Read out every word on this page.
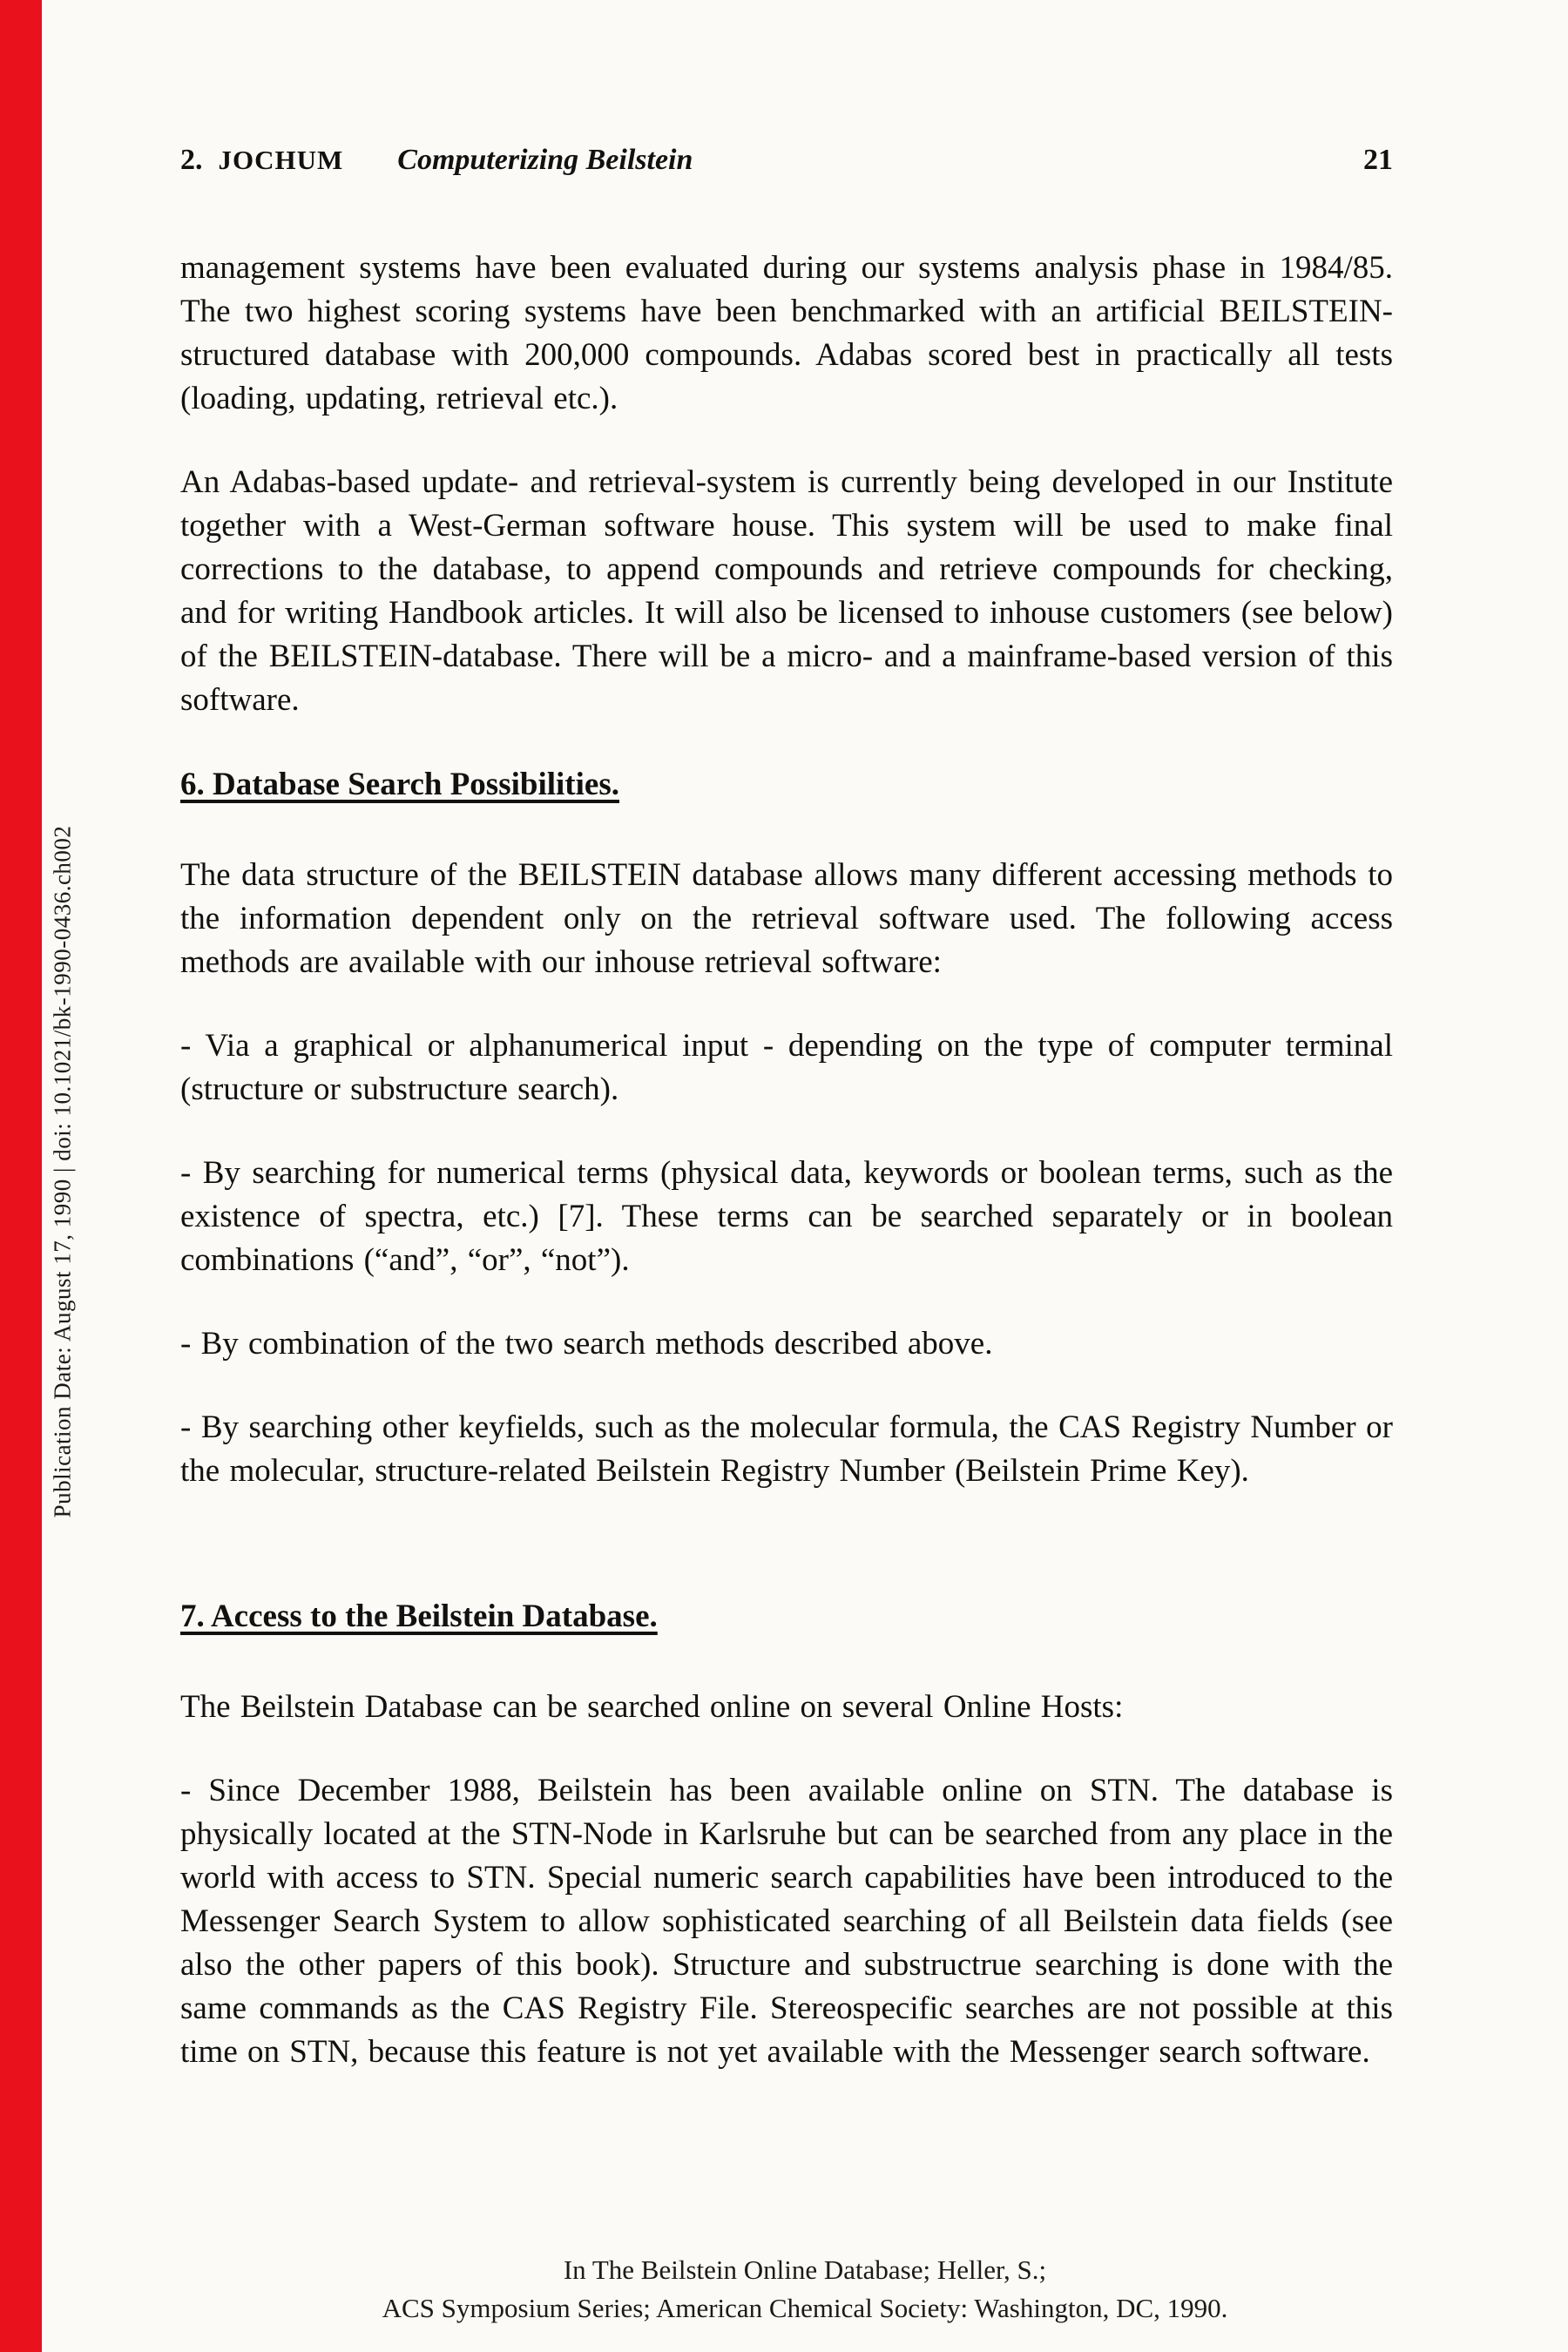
Publication Date: August 17, 1990 | doi: 10.1021/bk-1990-0436.ch002
2. JOCHUM Computerizing Beilstein	21

management systems have been evaluated during our systems analysis phase in 1984/85. The two highest scoring systems have been benchmarked with an artificial BEILSTEIN-structured database with 200,000 compounds. Adabas scored best in practically all tests (loading, updating, retrieval etc.).

An Adabas-based update- and retrieval-system is currently being developed in our Institute together with a West-German software house. This system will be used to make final corrections to the database, to append compounds and retrieve compounds for checking, and for writing Handbook articles. It will also be licensed to inhouse customers (see below) of the BEILSTEIN-database. There will be a micro- and a mainframe-based version of this software.

6. Database Search Possibilities.

The data structure of the BEILSTEIN database allows many different accessing methods to the information dependent only on the retrieval software used. The following access methods are available with our inhouse retrieval software:

- Via a graphical or alphanumerical input - depending on the type of computer terminal (structure or substructure search).

- By searching for numerical terms (physical data, keywords or boolean terms, such as the existence of spectra, etc.) [7]. These terms can be searched separately or in boolean combinations (“and”, “or”, “not”).

- By combination of the two search methods described above.

- By searching other keyfields, such as the molecular formula, the CAS Registry Number or the molecular, structure-related Beilstein Registry Number (Beilstein Prime Key).

7. Access to the Beilstein Database.

The Beilstein Database can be searched online on several Online Hosts:

- Since December 1988, Beilstein has been available online on STN. The database is physically located at the STN-Node in Karlsruhe but can be searched from any place in the world with access to STN. Special numeric search capabilities have been introduced to the Messenger Search System to allow sophisticated searching of all Beilstein data fields (see also the other papers of this book). Structure and substructrue searching is done with the same commands as the CAS Registry File. Stereospecific searches are not possible at this time on STN, because this feature is not yet available with the Messenger search software.

In The Beilstein Online Database; Heller, S.;
ACS Symposium Series; American Chemical Society: Washington, DC, 1990.
